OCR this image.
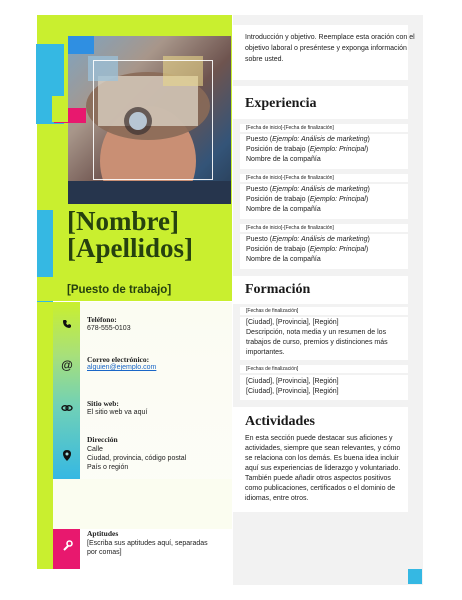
[Nombre]
[Apellidos]
[Puesto de trabajo]
Teléfono:
678-555-0103
@ Correo electrónico:
alguien@ejemplo.com
Sitio web:
El sitio web va aquí
Dirección
Calle
Ciudad, provincia, código postal
País o región
Aptitudes
[Escriba sus aptitudes aquí, separadas
por comas]
Introducción y objetivo. Reemplace esta oración con el objetivo laboral o preséntese y exponga información sobre usted.
Experiencia
[Fecha de inicio]-[Fecha de finalización]
Puesto (Ejemplo: Análisis de marketing)
Posición de trabajo (Ejemplo: Principal)
Nombre de la compañía
[Fecha de inicio]-[Fecha de finalización]
Puesto (Ejemplo: Análisis de marketing)
Posición de trabajo (Ejemplo: Principal)
Nombre de la compañía
[Fecha de inicio]-[Fecha de finalización]
Puesto (Ejemplo: Análisis de marketing)
Posición de trabajo (Ejemplo: Principal)
Nombre de la compañía
Formación
[Fechas de finalización]
[Ciudad], [Provincia], [Región]
Descripción, nota media y un resumen de los trabajos de curso, premios y distinciones más importantes.
[Fechas de finalización]
[Ciudad], [Provincia], [Región]
[Ciudad], [Provincia], [Región]
Actividades
En esta sección puede destacar sus aficiones y actividades, siempre que sean relevantes, y cómo se relaciona con los demás. Es buena idea incluir aquí sus experiencias de liderazgo y voluntariado. También puede añadir otros aspectos positivos como publicaciones, certificados o el dominio de idiomas, entre otros.
